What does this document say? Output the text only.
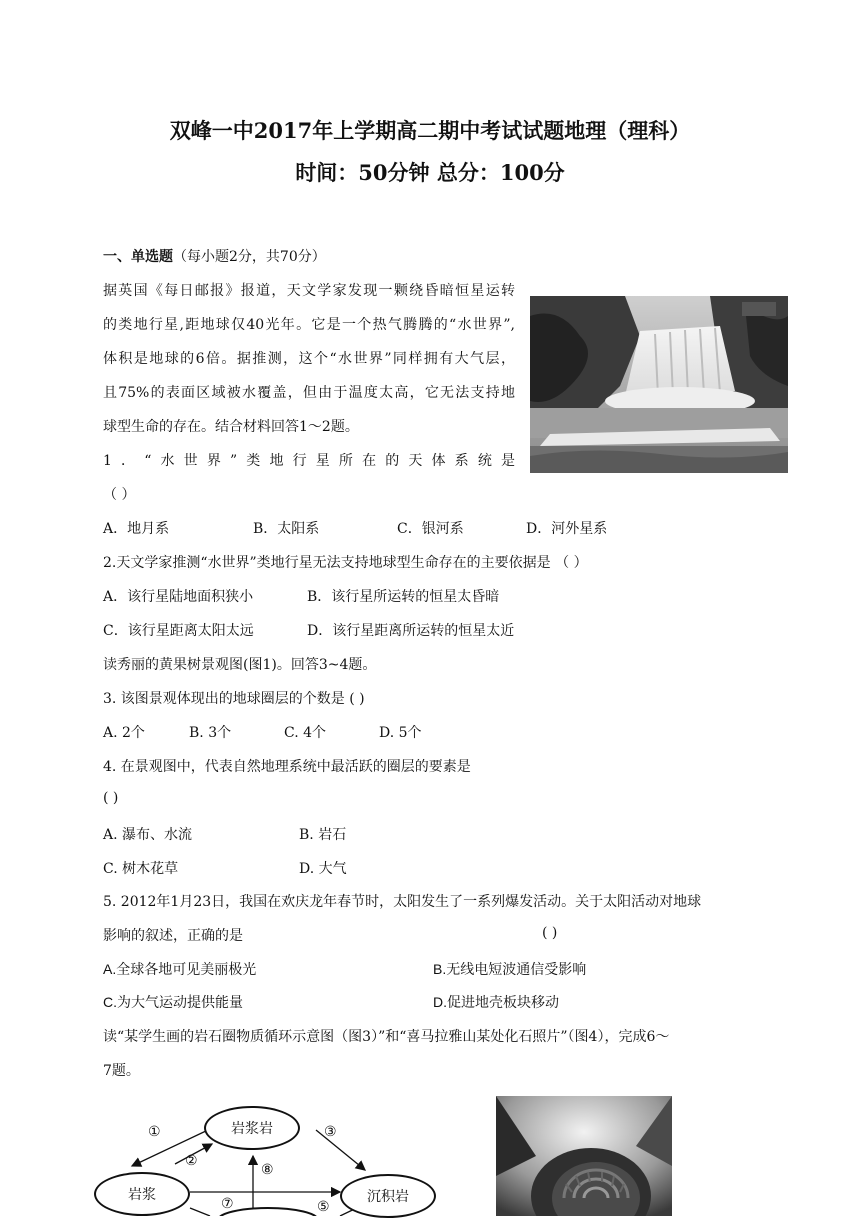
双峰一中2017年上学期高二期中考试试题地理（理科）
时间：50分钟 总分：100分
一、单选题（每小题2分，共70分）
据英国《每日邮报》报道，天文学家发现一颗绕昏暗恒星运转
的类地行星,距地球仅40光年。它是一个热气腾腾的“水世界”,
体积是地球的6倍。据推测，这个“水世界”同样拥有大气层，
且75%的表面区域被水覆盖，但由于温度太高，它无法支持地
球型生命的存在。结合材料回答1～2题。
1．“水世界”类地行星所在的天体系统是
（ ）
A．地月系	B．太阳系	C．银河系	D．河外星系
2.天文学家推测“水世界”类地行星无法支持地球型生命存在的主要依据是 （ ）
A．该行星陆地面积狭小	B．该行星所运转的恒星太昏暗
C．该行星距离太阳太远	D．该行星距离所运转的恒星太近
读秀丽的黄果树景观图(图1)。回答3~4题。
3. 该图景观体现出的地球圈层的个数是 ( )
A. 2个	B. 3个	C. 4个	D. 5个
4. 在景观图中，代表自然地理系统中最活跃的圈层的要素是
( )
A. 瀑布、水流	B. 岩石
C. 树木花草	D. 大气
5. 2012年1月23日，我国在欢庆龙年春节时，太阳发生了一系列爆发活动。关于太阳活动对地球
影响的叙述，正确的是	( )
A.全球各地可见美丽极光	B.无线电短波通信受影响
C.为大气运动提供能量	D.促进地壳板块移动
读“某学生画的岩石圈物质循环示意图（图3）”和“喜马拉雅山某处化石照片”（图4），完成6～
7题。
岩浆岩
岩浆	沉积岩
①
②
③
⑧
⑦	⑤
